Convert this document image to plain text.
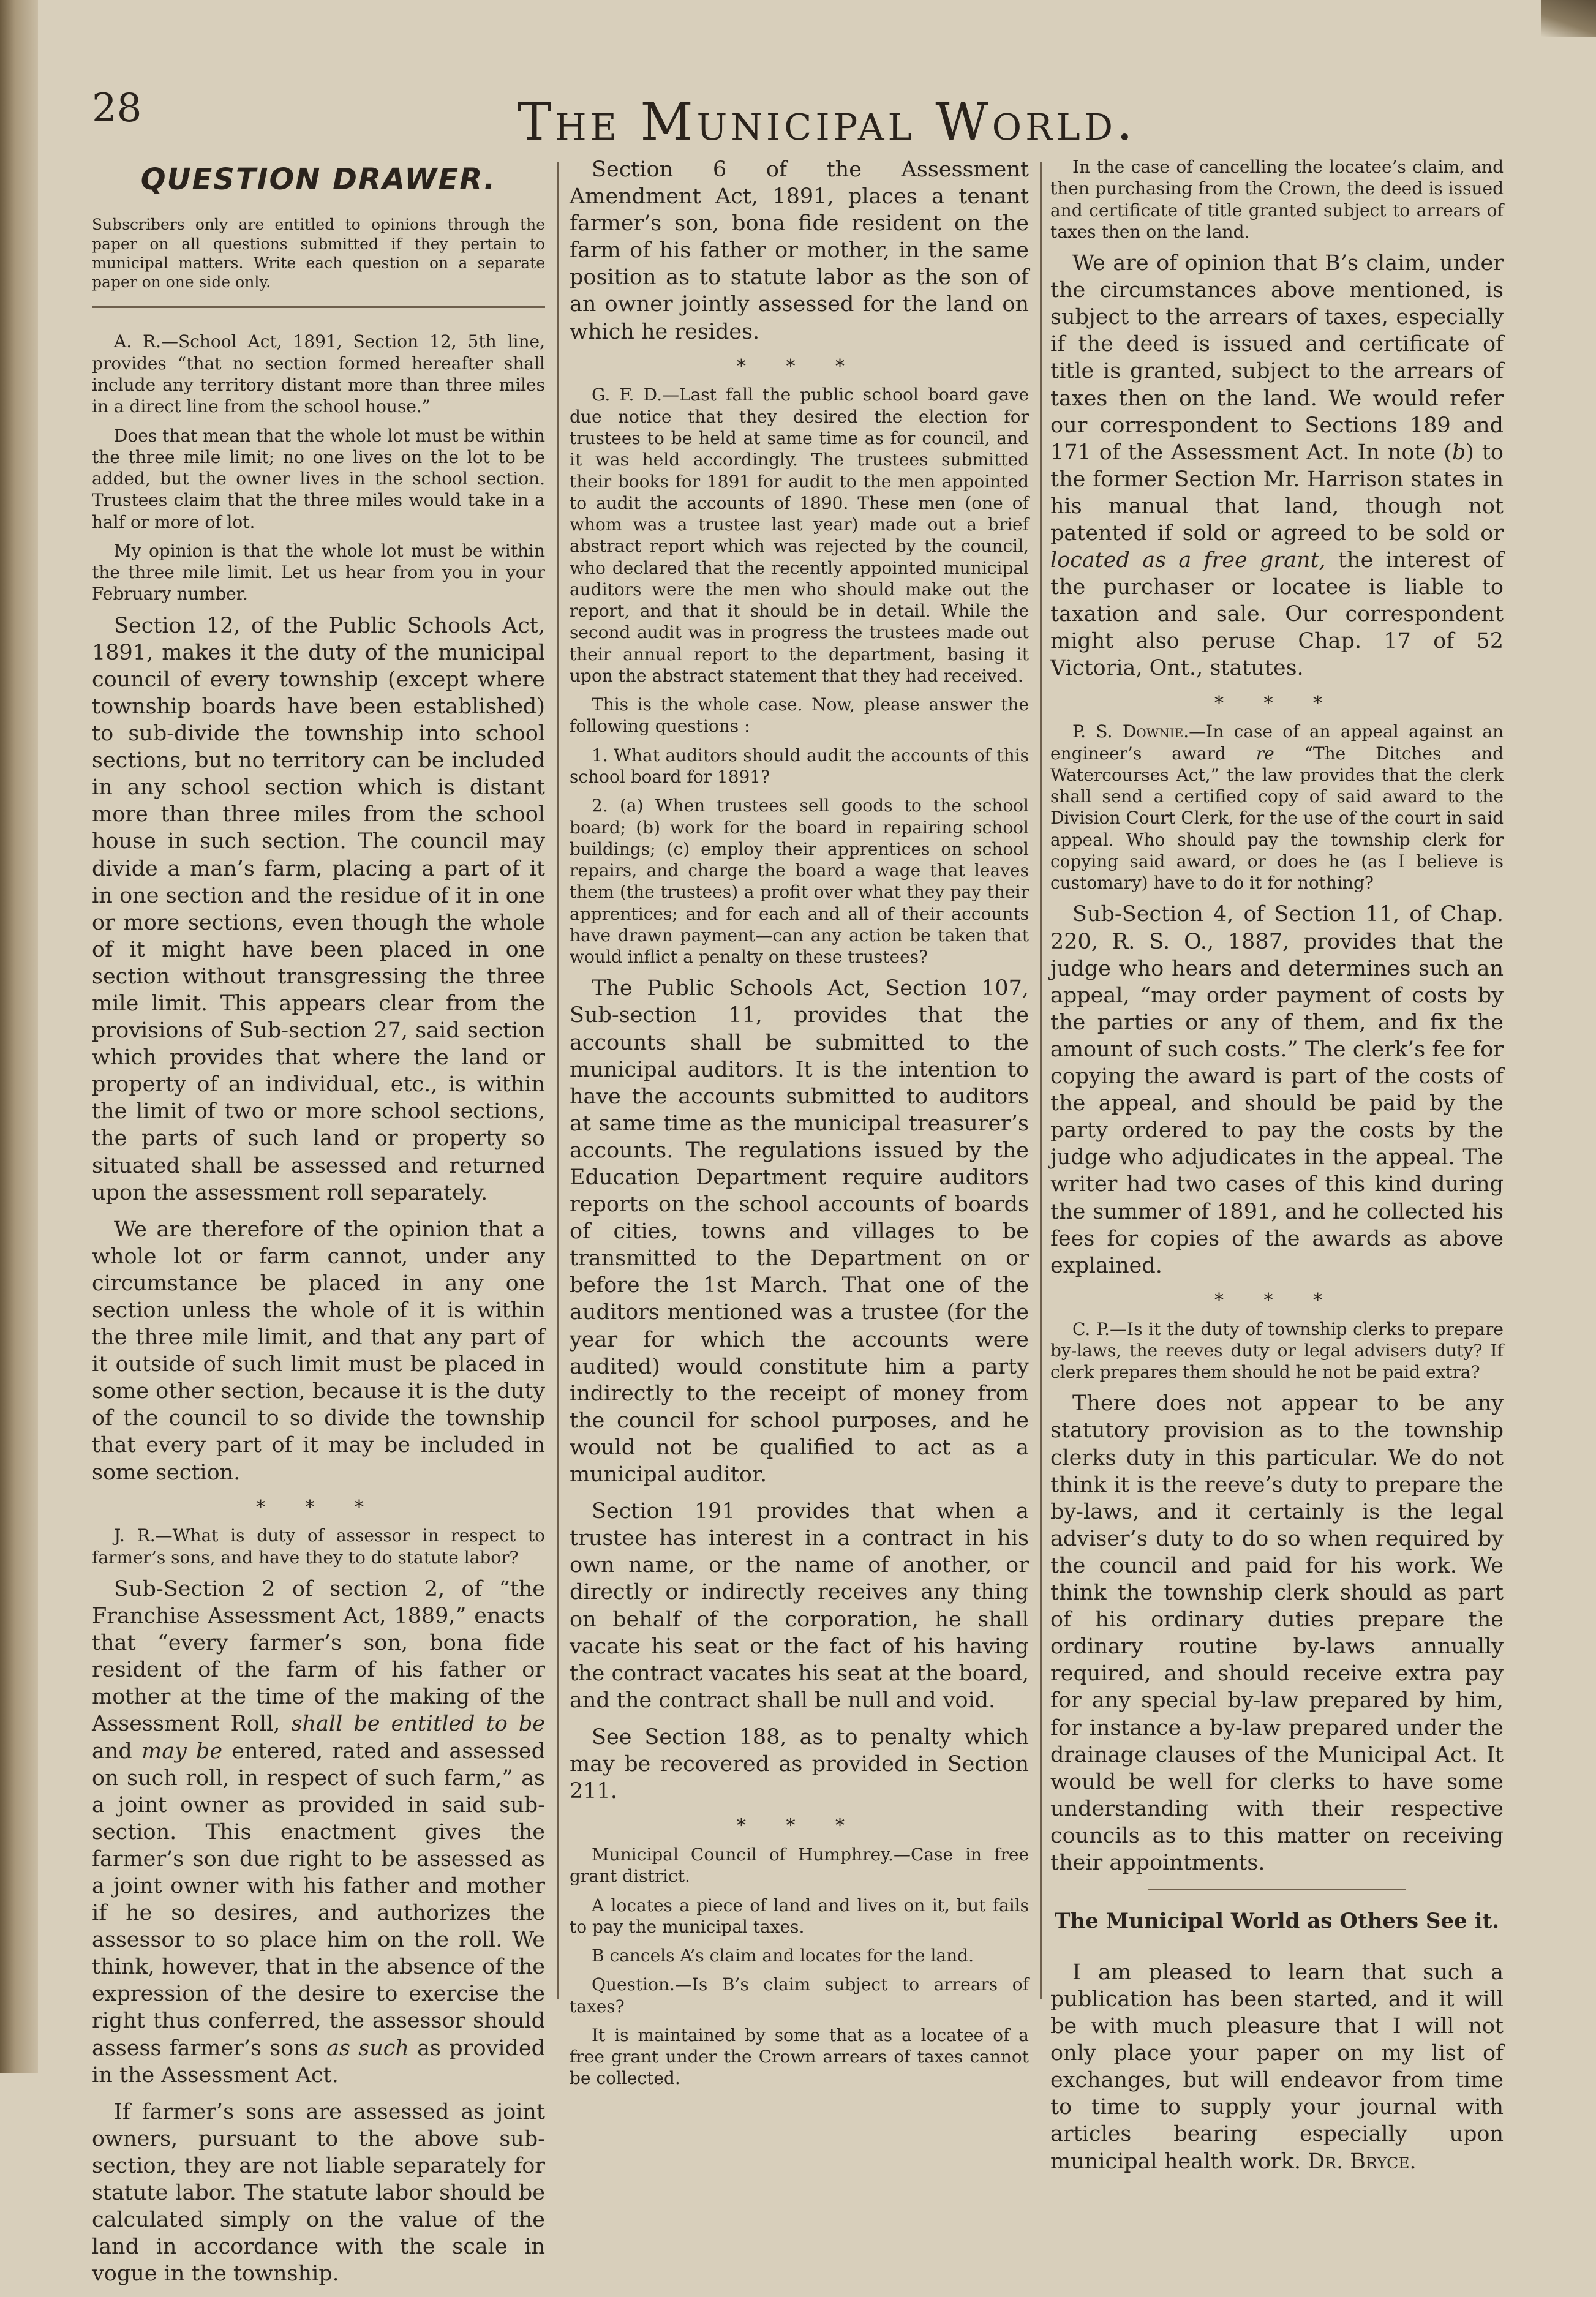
28	The Municipal World.
QUESTION DRAWER.
Subscribers only are entitled to opinions through the paper on all questions submitted if they pertain to municipal matters. Write each question on a separate paper on one side only.

A. R.—School Act, 1891, Section 12, 5th line, provides “that no section formed hereafter shall include any territory distant more than three miles in a direct line from the school house.”

Does that mean that the whole lot must be within the three mile limit; no one lives on the lot to be added, but the owner lives in the school section. Trustees claim that the three miles would take in a half or more of lot.

My opinion is that the whole lot must be within the three mile limit. Let us hear from you in your February number.

Section 12, of the Public Schools Act, 1891, makes it the duty of the municipal council of every township (except where township boards have been established) to sub-divide the township into school sections, but no territory can be included in any school section which is distant more than three miles from the school house in such section. The council may divide a man’s farm, placing a part of it in one section and the residue of it in one or more sections, even though the whole of it might have been placed in one section without transgressing the three mile limit. This appears clear from the provisions of Sub-section 27, said section which provides that where the land or property of an individual, etc., is within the limit of two or more school sections, the parts of such land or property so situated shall be assessed and returned upon the assessment roll separately.

We are therefore of the opinion that a whole lot or farm cannot, under any circumstance be placed in any one section unless the whole of it is within the three mile limit, and that any part of it outside of such limit must be placed in some other section, because it is the duty of the council to so divide the township that every part of it may be included in some section.

* * *

J. R.—What is duty of assessor in respect to farmer’s sons, and have they to do statute labor?

Sub-Section 2 of section 2, of “the Franchise Assessment Act, 1889,” enacts that “every farmer’s son, bona fide resident of the farm of his father or mother at the time of the making of the Assessment Roll, shall be entitled to be and may be entered, rated and assessed on such roll, in respect of such farm,” as a joint owner as provided in said sub-section. This enactment gives the farmer’s son due right to be assessed as a joint owner with his father and mother if he so desires, and authorizes the assessor to so place him on the roll. We think, however, that in the absence of the expression of the desire to exercise the right thus conferred, the assessor should assess farmer’s sons as such as provided in the Assessment Act.

If farmer’s sons are assessed as joint owners, pursuant to the above sub-section, they are not liable separately for statute labor. The statute labor should be calculated simply on the value of the land in accordance with the scale in vogue in the township.

Section 6 of the Assessment Amendment Act, 1891, places a tenant farmer’s son, bona fide resident on the farm of his father or mother, in the same position as to statute labor as the son of an owner jointly assessed for the land on which he resides.

* * *

G. F. D.—Last fall the public school board gave due notice that they desired the election for trustees to be held at same time as for council, and it was held accordingly. The trustees submitted their books for 1891 for audit to the men appointed to audit the accounts of 1890. These men (one of whom was a trustee last year) made out a brief abstract report which was rejected by the council, who declared that the recently appointed municipal auditors were the men who should make out the report, and that it should be in detail. While the second audit was in progress the trustees made out their annual report to the department, basing it upon the abstract statement that they had received.

This is the whole case. Now, please answer the following questions :

1. What auditors should audit the accounts of this school board for 1891?

2. (a) When trustees sell goods to the school board; (b) work for the board in repairing school buildings; (c) employ their apprentices on school repairs, and charge the board a wage that leaves them (the trustees) a profit over what they pay their apprentices; and for each and all of their accounts have drawn payment—can any action be taken that would inflict a penalty on these trustees?

The Public Schools Act, Section 107, Sub-section 11, provides that the accounts shall be submitted to the municipal auditors. It is the intention to have the accounts submitted to auditors at same time as the municipal treasurer’s accounts. The regulations issued by the Education Department require auditors reports on the school accounts of boards of cities, towns and villages to be transmitted to the Department on or before the 1st March. That one of the auditors mentioned was a trustee (for the year for which the accounts were audited) would constitute him a party indirectly to the receipt of money from the council for school purposes, and he would not be qualified to act as a municipal auditor.

Section 191 provides that when a trustee has interest in a contract in his own name, or the name of another, or directly or indirectly receives any thing on behalf of the corporation, he shall vacate his seat or the fact of his having the contract vacates his seat at the board, and the contract shall be null and void.

See Section 188, as to penalty which may be recovered as provided in Section 211.

* * *

Municipal Council of Humphrey.—Case in free grant district.

A locates a piece of land and lives on it, but fails to pay the municipal taxes.

B cancels A’s claim and locates for the land.

Question.—Is B’s claim subject to arrears of taxes?

It is maintained by some that as a locatee of a free grant under the Crown arrears of taxes cannot be collected.

In the case of cancelling the locatee’s claim, and then purchasing from the Crown, the deed is issued and certificate of title granted subject to arrears of taxes then on the land.

We are of opinion that B’s claim, under the circumstances above mentioned, is subject to the arrears of taxes, especially if the deed is issued and certificate of title is granted, subject to the arrears of taxes then on the land. We would refer our correspondent to Sections 189 and 171 of the Assessment Act. In note (b) to the former Section Mr. Harrison states in his manual that land, though not patented if sold or agreed to be sold or located as a free grant, the interest of the purchaser or locatee is liable to taxation and sale. Our correspondent might also peruse Chap. 17 of 52 Victoria, Ont., statutes.

* * *

P. S. Downie.—In case of an appeal against an engineer’s award re “The Ditches and Watercourses Act,” the law provides that the clerk shall send a certified copy of said award to the Division Court Clerk, for the use of the court in said appeal. Who should pay the township clerk for copying said award, or does he (as I believe is customary) have to do it for nothing?

Sub-Section 4, of Section 11, of Chap. 220, R. S. O., 1887, provides that the judge who hears and determines such an appeal, “may order payment of costs by the parties or any of them, and fix the amount of such costs.” The clerk’s fee for copying the award is part of the costs of the appeal, and should be paid by the party ordered to pay the costs by the judge who adjudicates in the appeal. The writer had two cases of this kind during the summer of 1891, and he collected his fees for copies of the awards as above explained.

* * *

C. P.—Is it the duty of township clerks to prepare by-laws, the reeves duty or legal advisers duty? If clerk prepares them should he not be paid extra?

There does not appear to be any statutory provision as to the township clerks duty in this particular. We do not think it is the reeve’s duty to prepare the by-laws, and it certainly is the legal adviser’s duty to do so when required by the council and paid for his work. We think the township clerk should as part of his ordinary duties prepare the ordinary routine by-laws annually required, and should receive extra pay for any special by-law prepared by him, for instance a by-law prepared under the drainage clauses of the Municipal Act. It would be well for clerks to have some understanding with their respective councils as to this matter on receiving their appointments.

The Municipal World as Others See it.

I am pleased to learn that such a publication has been started, and it will be with much pleasure that I will not only place your paper on my list of exchanges, but will endeavor from time to time to supply your journal with articles bearing especially upon municipal health work. Dr. Bryce.
